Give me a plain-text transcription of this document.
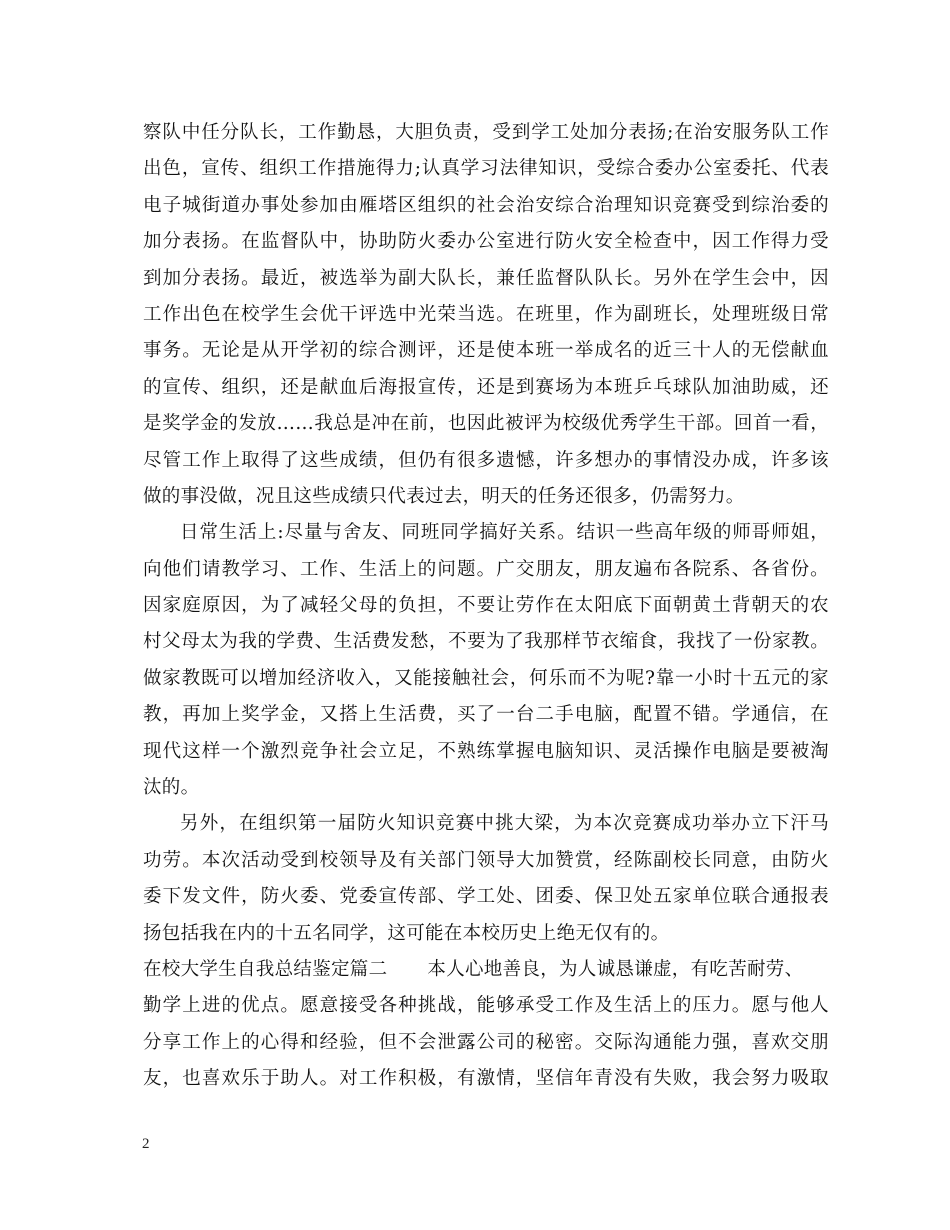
察队中任分队长，工作勤恳，大胆负责，受到学工处加分表扬;在治安服务队工作
出色，宣传、组织工作措施得力;认真学习法律知识，受综合委办公室委托、代表
电子城街道办事处参加由雁塔区组织的社会治安综合治理知识竞赛受到综治委的
加分表扬。在监督队中，协助防火委办公室进行防火安全检查中，因工作得力受
到加分表扬。最近，被选举为副大队长，兼任监督队队长。另外在学生会中，因
工作出色在校学生会优干评选中光荣当选。在班里，作为副班长，处理班级日常
事务。无论是从开学初的综合测评，还是使本班一举成名的近三十人的无偿献血
的宣传、组织，还是献血后海报宣传，还是到赛场为本班乒乓球队加油助威，还
是奖学金的发放……我总是冲在前，也因此被评为校级优秀学生干部。回首一看，
尽管工作上取得了这些成绩，但仍有很多遗憾，许多想办的事情没办成，许多该
做的事没做，况且这些成绩只代表过去，明天的任务还很多，仍需努力。
日常生活上:尽量与舍友、同班同学搞好关系。结识一些高年级的师哥师姐，
向他们请教学习、工作、生活上的问题。广交朋友，朋友遍布各院系、各省份。
因家庭原因，为了减轻父母的负担，不要让劳作在太阳底下面朝黄土背朝天的农
村父母太为我的学费、生活费发愁，不要为了我那样节衣缩食，我找了一份家教。
做家教既可以增加经济收入，又能接触社会，何乐而不为呢?靠一小时十五元的家
教，再加上奖学金，又搭上生活费，买了一台二手电脑，配置不错。学通信，在
现代这样一个激烈竞争社会立足，不熟练掌握电脑知识、灵活操作电脑是要被淘
汰的。
另外，在组织第一届防火知识竞赛中挑大梁，为本次竞赛成功举办立下汗马
功劳。本次活动受到校领导及有关部门领导大加赞赏，经陈副校长同意，由防火
委下发文件，防火委、党委宣传部、学工处、团委、保卫处五家单位联合通报表
扬包括我在内的十五名同学，这可能在本校历史上绝无仅有的。
在校大学生自我总结鉴定篇二 本人心地善良，为人诚恳谦虚，有吃苦耐劳、
勤学上进的优点。愿意接受各种挑战，能够承受工作及生活上的压力。愿与他人
分享工作上的心得和经验，但不会泄露公司的秘密。交际沟通能力强，喜欢交朋
友，也喜欢乐于助人。对工作积极，有激情，坚信年青没有失败，我会努力吸取
2
